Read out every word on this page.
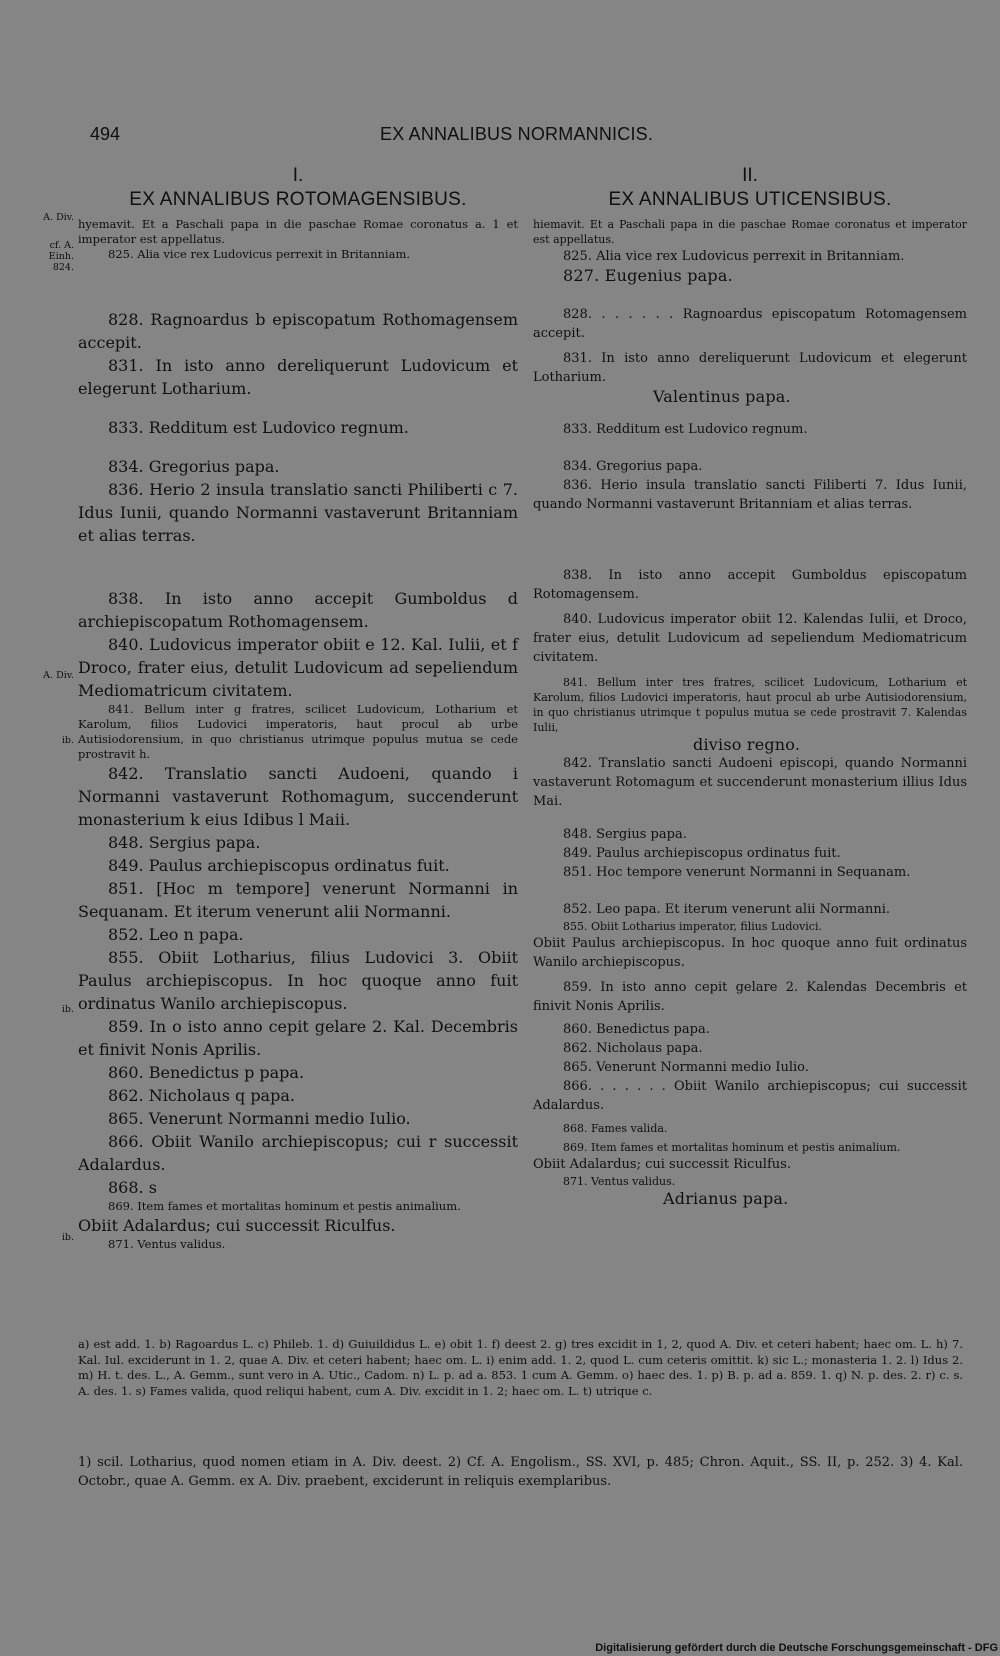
494	EX ANNALIBUS NORMANNICIS.
A. Div.
cf. A. Einh. 824.
A. Div.
ib.
ib.
ib.
I.
EX ANNALIBUS ROTOMAGENSIBUS.

hyemavit. Et a Paschali papa in die paschae Romae coronatus a. 1 et imperator est appellatus.

825. Alia vice rex Ludovicus perrexit in Britanniam.

828. Ragnoardus b episcopatum Rothomagensem accepit.

831. In isto anno dereliquerunt Ludovicum et elegerunt Lotharium.

833. Redditum est Ludovico regnum.

834. Gregorius papa.

836. Herio 2 insula translatio sancti Philiberti c 7. Idus Iunii, quando Normanni vastaverunt Britanniam et alias terras.

838. In isto anno accepit Gumboldus d archiepiscopatum Rothomagensem.

840. Ludovicus imperator obiit e 12. Kal. Iulii, et f Droco, frater eius, detulit Ludovicum ad sepeliendum Mediomatricum civitatem.

841. Bellum inter g fratres, scilicet Ludovicum, Lotharium et Karolum, filios Ludovici imperatoris, haut procul ab urbe Autisiodorensium, in quo christianus utrimque populus mutua se cede prostravit h.

842. Translatio sancti Audoeni, quando i Normanni vastaverunt Rothomagum, succenderunt monasterium k eius Idibus l Maii.

848. Sergius papa.

849. Paulus archiepiscopus ordinatus fuit.

851. [Hoc m tempore] venerunt Normanni in Sequanam. Et iterum venerunt alii Normanni.

852. Leo n papa.

855. Obiit Lotharius, filius Ludovici 3. Obiit Paulus archiepiscopus. In hoc quoque anno fuit ordinatus Wanilo archiepiscopus.

859. In o isto anno cepit gelare 2. Kal. Decembris et finivit Nonis Aprilis.

860. Benedictus p papa.

862. Nicholaus q papa.

865. Venerunt Normanni medio Iulio.

866. Obiit Wanilo archiepiscopus; cui r successit Adalardus.

868. s

869. Item fames et mortalitas hominum et pestis animalium.

Obiit Adalardus; cui successit Riculfus.

871. Ventus validus.

II.
EX ANNALIBUS UTICENSIBUS.

hiemavit. Et a Paschali papa in die paschae Romae coronatus et imperator est appellatus.

825. Alia vice rex Ludovicus perrexit in Britanniam.

827. Eugenius papa.

828. . . . . . . Ragnoardus episcopatum Rotomagensem accepit.

831. In isto anno dereliquerunt Ludovicum et elegerunt Lotharium.

Valentinus papa.

833. Redditum est Ludovico regnum.

834. Gregorius papa.

836. Herio insula translatio sancti Filiberti 7. Idus Iunii, quando Normanni vastaverunt Britanniam et alias terras.

838. In isto anno accepit Gumboldus episcopatum Rotomagensem.

840. Ludovicus imperator obiit 12. Kalendas Iulii, et Droco, frater eius, detulit Ludovicum ad sepeliendum Mediomatricum civitatem.

841. Bellum inter tres fratres, scilicet Ludovicum, Lotharium et Karolum, filios Ludovici imperatoris, haut procul ab urbe Autisiodorensium, in quo christianus utrimque t populus mutua se cede prostravit 7. Kalendas Iulii,

diviso regno.

842. Translatio sancti Audoeni episcopi, quando Normanni vastaverunt Rotomagum et succenderunt monasterium illius Idus Mai.

848. Sergius papa.

849. Paulus archiepiscopus ordinatus fuit.

851. Hoc tempore venerunt Normanni in Sequanam.

852. Leo papa. Et iterum venerunt alii Normanni.

855. Obiit Lotharius imperator, filius Ludovici.

Obiit Paulus archiepiscopus. In hoc quoque anno fuit ordinatus Wanilo archiepiscopus.

859. In isto anno cepit gelare 2. Kalendas Decembris et finivit Nonis Aprilis.

860. Benedictus papa.

862. Nicholaus papa.

865. Venerunt Normanni medio Iulio.

866. . . . . . . Obiit Wanilo archiepiscopus; cui successit Adalardus.

868. Fames valida.

869. Item fames et mortalitas hominum et pestis animalium.

Obiit Adalardus; cui successit Riculfus.

871. Ventus validus.

Adrianus papa.

a) est add. 1. b) Ragoardus L. c) Phileb. 1. d) Guiuildidus L. e) obit 1. f) deest 2. g) tres excidit in 1, 2, quod A. Div. et ceteri habent; haec om. L. h) 7. Kal. Iul. exciderunt in 1. 2, quae A. Div. et ceteri habent; haec om. L. i) enim add. 1. 2, quod L. cum ceteris omittit. k) sic L.; monasteria 1. 2. l) Idus 2. m) H. t. des. L., A. Gemm., sunt vero in A. Utic., Cadom. n) L. p. ad a. 853. 1 cum A. Gemm. o) haec des. 1. p) B. p. ad a. 859. 1. q) N. p. des. 2. r) c. s. A. des. 1. s) Fames valida, quod reliqui habent, cum A. Div. excidit in 1. 2; haec om. L. t) utrique c.
1) scil. Lotharius, quod nomen etiam in A. Div. deest. 2) Cf. A. Engolism., SS. XVI, p. 485; Chron. Aquit., SS. II, p. 252. 3) 4. Kal. Octobr., quae A. Gemm. ex A. Div. praebent, exciderunt in reliquis exemplaribus.
Digitalisierung gefördert durch die Deutsche Forschungsgemeinschaft - DFG
